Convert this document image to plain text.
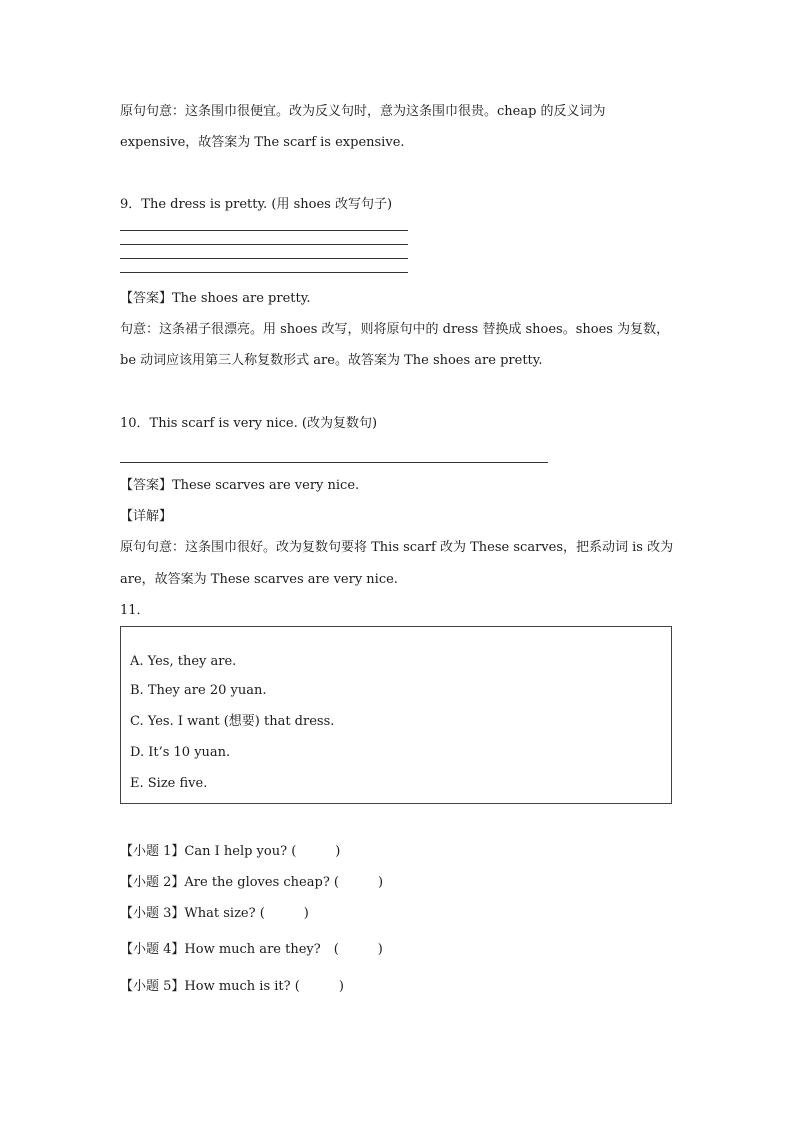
原句句意：这条围巾很便宜。改为反义句时，意为这条围巾很贵。cheap 的反义词为
expensive，故答案为 The scarf is expensive.
9．The dress is pretty. (用 shoes 改写句子)
【答案】The shoes are pretty.
句意：这条裙子很漂亮。用 shoes 改写，则将原句中的 dress 替换成 shoes。shoes 为复数，
be 动词应该用第三人称复数形式 are。故答案为 The shoes are pretty.
10．This scarf is very nice. (改为复数句)
【答案】These scarves are very nice.
【详解】
原句句意：这条围巾很好。改为复数句要将 This scarf 改为 These scarves，把系动词 is 改为
are，故答案为 These scarves are very nice.
11．
A. Yes, they are.
B. They are 20 yuan.
C. Yes. I want (想要) that dress.
D. It’s 10 yuan.
E. Size five.
【小题 1】Can I help you? (　　　)
【小题 2】Are the gloves cheap? (　　　)
【小题 3】What size? (　　　)
【小题 4】How much are they?　(　　　)
【小题 5】How much is it? (　　　)
